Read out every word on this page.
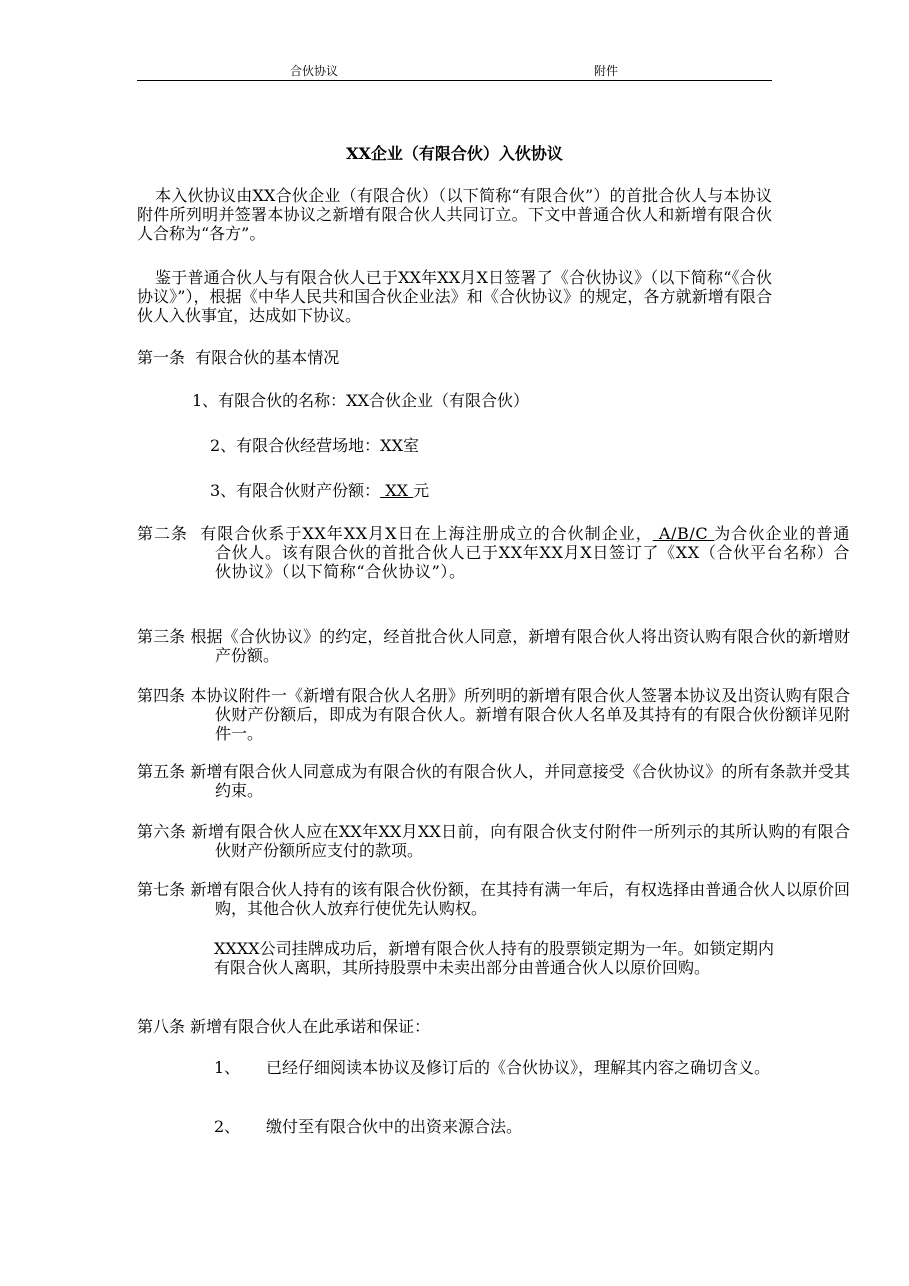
合伙协议	附件
XX企业（有限合伙）入伙协议

本入伙协议由XX合伙企业（有限合伙）（以下简称“有限合伙”）的首批合伙人与本协议附件所列明并签署本协议之新增有限合伙人共同订立。下文中普通合伙人和新增有限合伙人合称为“各方”。

鉴于普通合伙人与有限合伙人已于XX年XX月X日签署了《合伙协议》（以下简称“《合伙协议》”），根据《中华人民共和国合伙企业法》和《合伙协议》的规定，各方就新增有限合伙人入伙事宜，达成如下协议。

第一条 有限合伙的基本情况
1、有限合伙的名称：XX合伙企业（有限合伙）
2、有限合伙经营场地：XX室
3、有限合伙财产份额： XX 元
第二条 有限合伙系于XX年XX月X日在上海注册成立的合伙制企业， A/B/C 为合伙企业的普通合伙人。该有限合伙的首批合伙人已于XX年XX月X日签订了《XX（合伙平台名称）合伙协议》（以下简称“合伙协议”）。
第三条 根据《合伙协议》的约定，经首批合伙人同意，新增有限合伙人将出资认购有限合伙的新增财产份额。
第四条 本协议附件一《新增有限合伙人名册》所列明的新增有限合伙人签署本协议及出资认购有限合伙财产份额后，即成为有限合伙人。新增有限合伙人名单及其持有的有限合伙份额详见附件一。
第五条 新增有限合伙人同意成为有限合伙的有限合伙人，并同意接受《合伙协议》的所有条款并受其约束。
第六条 新增有限合伙人应在XX年XX月XX日前，向有限合伙支付附件一所列示的其所认购的有限合伙财产份额所应支付的款项。
第七条 新增有限合伙人持有的该有限合伙份额，在其持有满一年后，有权选择由普通合伙人以原价回购，其他合伙人放弃行使优先认购权。
XXXX公司挂牌成功后，新增有限合伙人持有的股票锁定期为一年。如锁定期内有限合伙人离职，其所持股票中未卖出部分由普通合伙人以原价回购。
第八条 新增有限合伙人在此承诺和保证：
1、 已经仔细阅读本协议及修订后的《合伙协议》，理解其内容之确切含义。
2、 缴付至有限合伙中的出资来源合法。
